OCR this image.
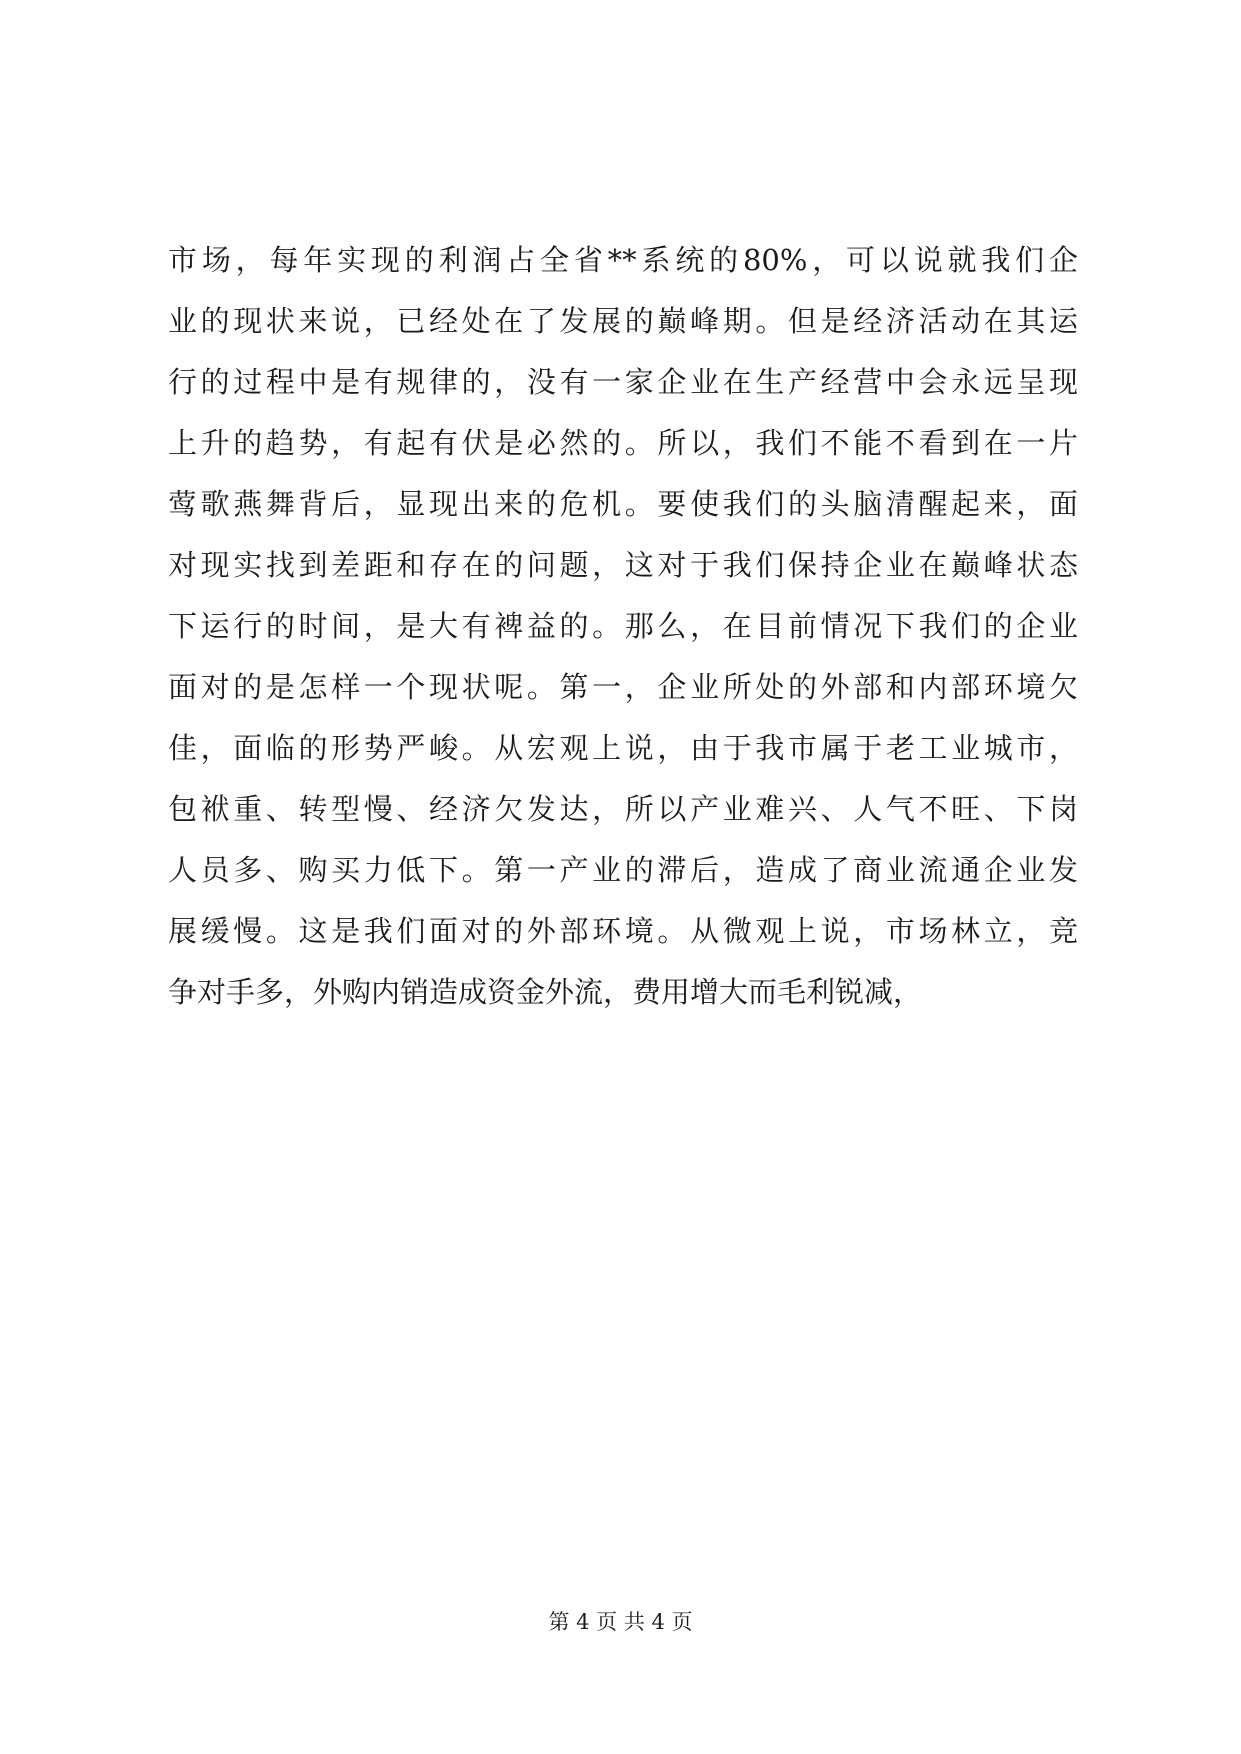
市场，每年实现的利润占全省**系统的80%，可以说就我们企
业的现状来说，已经处在了发展的巅峰期。但是经济活动在其运
行的过程中是有规律的，没有一家企业在生产经营中会永远呈现
上升的趋势，有起有伏是必然的。所以，我们不能不看到在一片
莺歌燕舞背后，显现出来的危机。要使我们的头脑清醒起来，面
对现实找到差距和存在的问题，这对于我们保持企业在巅峰状态
下运行的时间，是大有裨益的。那么，在目前情况下我们的企业
面对的是怎样一个现状呢。第一，企业所处的外部和内部环境欠
佳，面临的形势严峻。从宏观上说，由于我市属于老工业城市，
包袱重、转型慢、经济欠发达，所以产业难兴、人气不旺、下岗
人员多、购买力低下。第一产业的滞后，造成了商业流通企业发
展缓慢。这是我们面对的外部环境。从微观上说，市场林立，竞
争对手多，外购内销造成资金外流，费用增大而毛利锐减，
第 4 页 共 4 页
